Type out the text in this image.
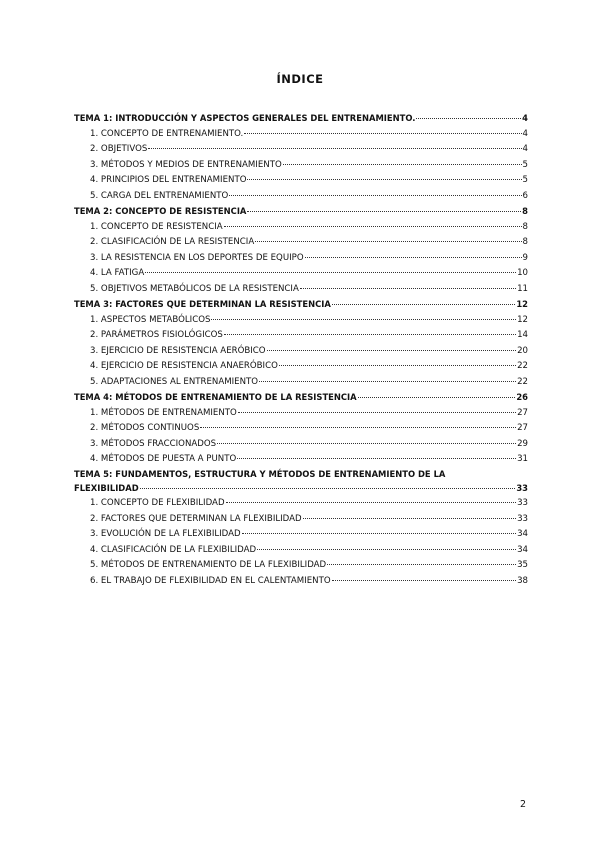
ÍNDICE
TEMA 1: INTRODUCCIÓN Y ASPECTOS GENERALES DEL ENTRENAMIENTO.	4
1. CONCEPTO DE ENTRENAMIENTO.	4
2. OBJETIVOS	4
3. MÉTODOS Y MEDIOS DE ENTRENAMIENTO	5
4. PRINCIPIOS DEL ENTRENAMIENTO	5
5. CARGA DEL ENTRENAMIENTO	6
TEMA 2: CONCEPTO DE RESISTENCIA	8
1. CONCEPTO DE RESISTENCIA	8
2. CLASIFICACIÓN DE LA RESISTENCIA	8
3. LA RESISTENCIA EN LOS DEPORTES DE EQUIPO	9
4. LA FATIGA	10
5. OBJETIVOS METABÓLICOS DE LA RESISTENCIA	11
TEMA 3: FACTORES QUE DETERMINAN LA RESISTENCIA	12
1. ASPECTOS METABÓLICOS	12
2. PARÁMETROS FISIOLÓGICOS	14
3. EJERCICIO DE RESISTENCIA AERÓBICO	20
4. EJERCICIO DE RESISTENCIA ANAERÓBICO	22
5. ADAPTACIONES AL ENTRENAMIENTO	22
TEMA 4: MÉTODOS DE ENTRENAMIENTO DE LA RESISTENCIA	26
1. MÉTODOS DE ENTRENAMIENTO	27
2. MÉTODOS CONTINUOS	27
3. MÉTODOS FRACCIONADOS	29
4. MÉTODOS DE PUESTA A PUNTO	31
TEMA 5: FUNDAMENTOS, ESTRUCTURA Y MÉTODOS DE ENTRENAMIENTO DE LA
FLEXIBILIDAD	33
1. CONCEPTO DE FLEXIBILIDAD	33
2. FACTORES QUE DETERMINAN LA FLEXIBILIDAD	33
3. EVOLUCIÓN DE LA FLEXIBILIDAD	34
4. CLASIFICACIÓN DE LA FLEXIBILIDAD	34
5. MÉTODOS DE ENTRENAMIENTO DE LA FLEXIBILIDAD	35
6. EL TRABAJO DE FLEXIBILIDAD EN EL CALENTAMIENTO	38
2
